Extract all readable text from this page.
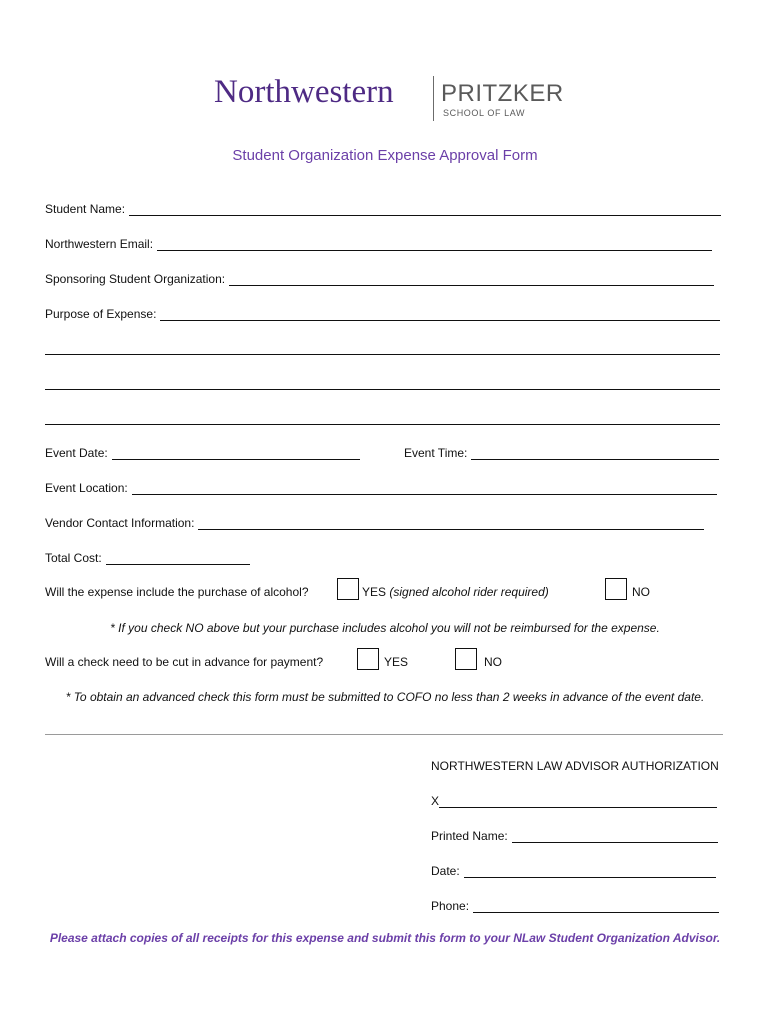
Northwestern PRITZKER
SCHOOL OF LAW
Student Organization Expense Approval Form
Student Name:
Northwestern Email:
Sponsoring Student Organization:
Purpose of Expense:
Event Date:	Event Time:
Event Location:
Vendor Contact Information:
Total Cost:
Will the expense include the purchase of alcohol?	YES (signed alcohol rider required)	NO
* If you check NO above but your purchase includes alcohol you will not be reimbursed for the expense.
Will a check need to be cut in advance for payment?	YES	NO
* To obtain an advanced check this form must be submitted to COFO no less than 2 weeks in advance of the event date.
NORTHWESTERN LAW ADVISOR AUTHORIZATION
X
Printed Name:
Date:
Phone:
Please attach copies of all receipts for this expense and submit this form to your NLaw Student Organization Advisor.
